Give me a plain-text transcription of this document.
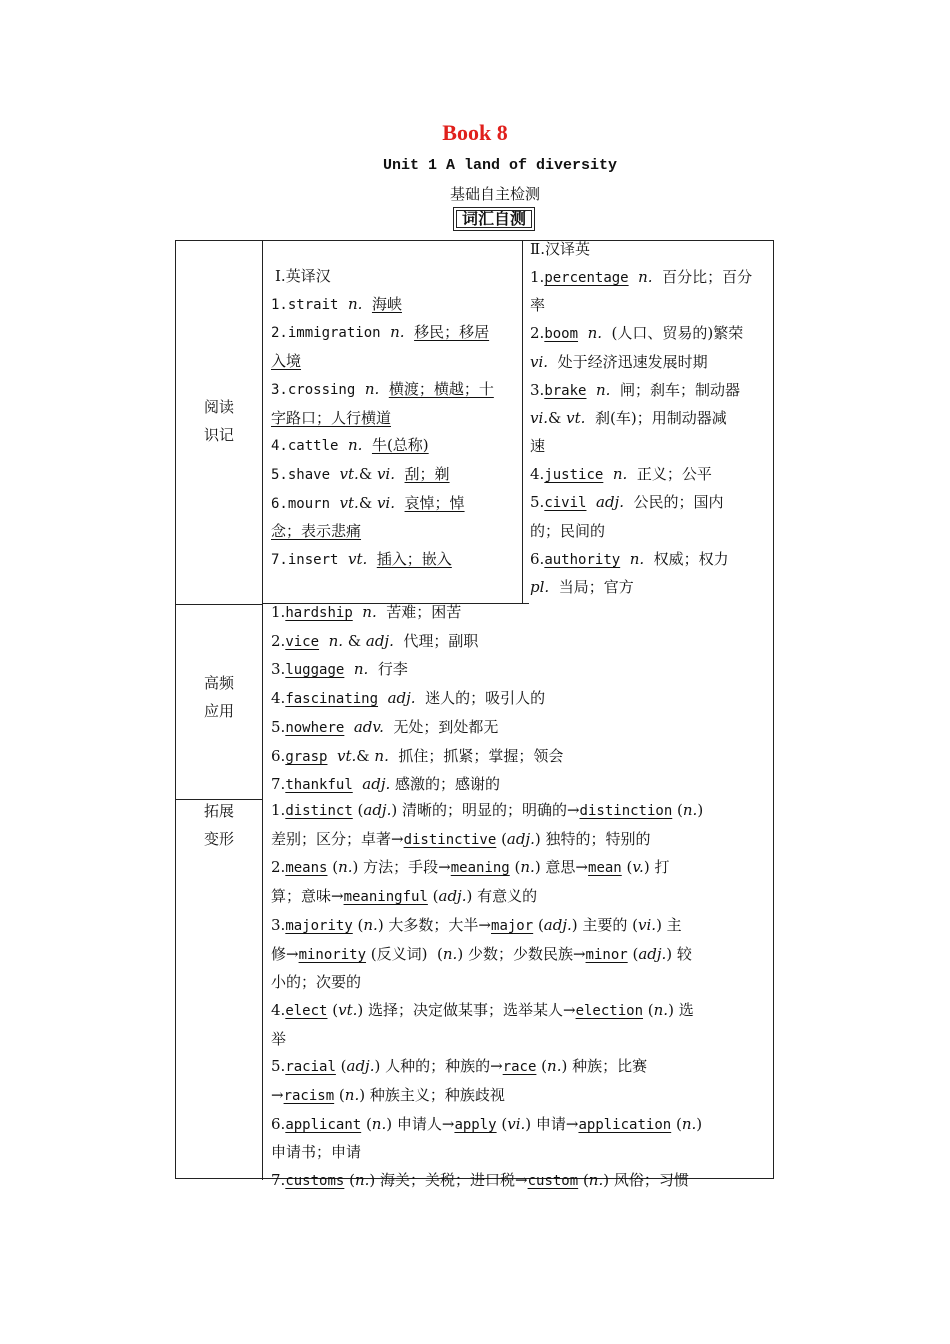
Book 8
Unit 1 A land of diversity
基础自主检测
词汇自测
阅读
识记
高频
应用
拓展
变形
Ⅰ.英译汉
1.strait  n. 海峡
2.immigration  n. 移民；移居
入境
3.crossing  n. 横渡；横越；十
字路口；人行横道
4.cattle  n. 牛(总称)
5.shave  vt.& vi. 刮；剃
6.mourn  vt.& vi. 哀悼；悼
念；表示悲痛
7.insert  vt. 插入；嵌入
Ⅱ.汉译英
1.percentage  n.  百分比；百分
率
2.boom  n.  (人口、贸易的)繁荣
vi.  处于经济迅速发展时期
3.brake  n.  闸；刹车；制动器
vi.& vt.  刹(车)；用制动器减
速
4.justice  n.  正义；公平
5.civil  adj.  公民的；国内
的；民间的
6.authority  n.  权威；权力
pl.  当局；官方
1.hardship  n.  苦难；困苦
2.vice  n. & adj.  代理；副职
3.luggage  n.  行李
4.fascinating  adj.  迷人的；吸引人的
5.nowhere  adv.  无处；到处都无
6.grasp  vt.& n.  抓住；抓紧；掌握；领会
7.thankful  adj. 感激的；感谢的
1.distinct (adj.) 清晰的；明显的；明确的→distinction (n.)
差别；区分；卓著→distinctive (adj.) 独特的；特别的
2.means (n.) 方法；手段→meaning (n.) 意思→mean (v.) 打
算；意味→meaningful (adj.) 有意义的
3.majority (n.) 大多数；大半→major (adj.) 主要的 (vi.) 主
修→minority (反义词)  (n.) 少数；少数民族→minor (adj.) 较
小的；次要的
4.elect (vt.) 选择；决定做某事；选举某人→election (n.) 选
举
5.racial (adj.) 人种的；种族的→race (n.) 种族；比赛
→racism (n.) 种族主义；种族歧视
6.applicant (n.) 申请人→apply (vi.) 申请→application (n.)
申请书；申请
7.customs (n.) 海关；关税；进口税→custom (n.) 风俗；习惯
